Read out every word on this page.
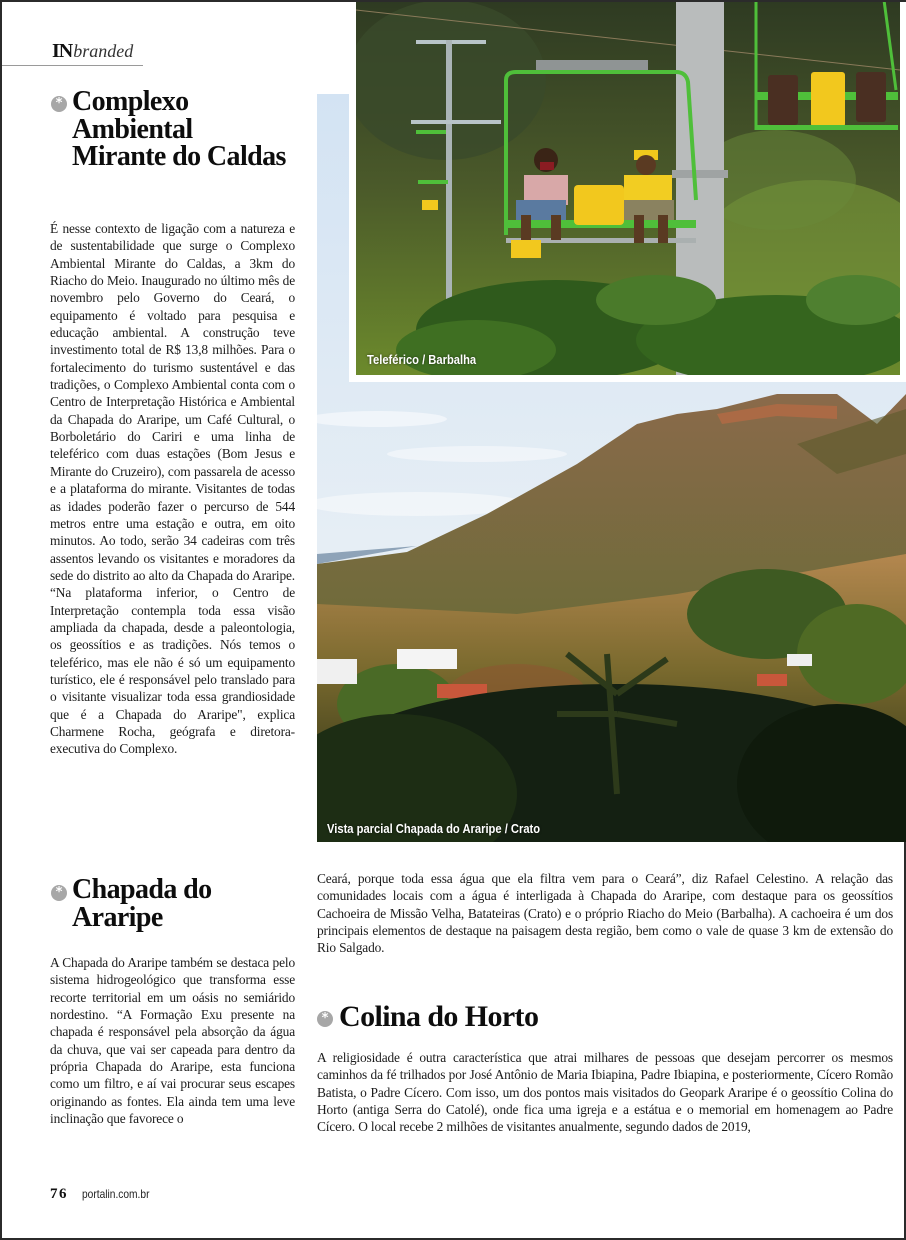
IN branded
* Complexo Ambiental Mirante do Caldas

É nesse contexto de ligação com a natureza e de sustentabilidade que surge o Complexo Ambiental Mirante do Caldas, a 3km do Riacho do Meio. Inaugurado no último mês de novembro pelo Governo do Ceará, o equipamento é voltado para pesquisa e educação ambiental. A construção teve investimento total de R$ 13,8 milhões. Para o fortalecimento do turismo sustentável e das tradições, o Complexo Ambiental conta com o Centro de Interpretação Histórica e Ambiental da Chapada do Araripe, um Café Cultural, o Borboletário do Cariri e uma linha de teleférico com duas estações (Bom Jesus e Mirante do Cruzeiro), com passarela de acesso e a plataforma do mirante. Visitantes de todas as idades poderão fazer o percurso de 544 metros entre uma estação e outra, em oito minutos. Ao todo, serão 34 cadeiras com três assentos levando os visitantes e moradores da sede do distrito ao alto da Chapada do Araripe. “Na plataforma inferior, o Centro de Interpretação contempla toda essa visão ampliada da chapada, desde a paleontologia, os geossítios e as tradições. Nós temos o teleférico, mas ele não é só um equipamento turístico, ele é responsável pelo translado para o visitante visualizar toda essa grandiosidade que é a Chapada do Araripe", explica Charmene Rocha, geógrafa e diretora-executiva do Complexo.

* Chapada do Araripe

A Chapada do Araripe também se destaca pelo sistema hidrogeológico que transforma esse recorte territorial em um oásis no semiárido nordestino. “A Formação Exu presente na chapada é responsável pela absorção da água da chuva, que vai ser capeada para dentro da própria Chapada do Araripe, esta funciona como um filtro, e aí vai procurar seus escapes originando as fontes. Ela ainda tem uma leve inclinação que favorece o

Ceará, porque toda essa água que ela filtra vem para o Ceará”, diz Rafael Celestino. A relação das comunidades locais com a água é interligada à Chapada do Araripe, com destaque para os geossítios Cachoeira de Missão Velha, Batateiras (Crato) e o próprio Riacho do Meio (Barbalha). A cachoeira é um dos principais elementos de destaque na paisagem desta região, bem como o vale de quase 3 km de extensão do Rio Salgado.

* Colina do Horto

A religiosidade é outra característica que atrai milhares de pessoas que desejam percorrer os mesmos caminhos da fé trilhados por José Antônio de Maria Ibiapina, Padre Ibiapina, e posteriormente, Cícero Romão Batista, o Padre Cícero. Com isso, um dos pontos mais visitados do Geopark Araripe é o geossítio Colina do Horto (antiga Serra do Catolé), onde fica uma igreja e a estátua e o memorial em homenagem ao Padre Cícero. O local recebe 2 milhões de visitantes anualmente, segundo dados de 2019,

76 portalin.com.br
Vista parcial Chapada do Araripe / Crato
Teleférico / Barbalha
